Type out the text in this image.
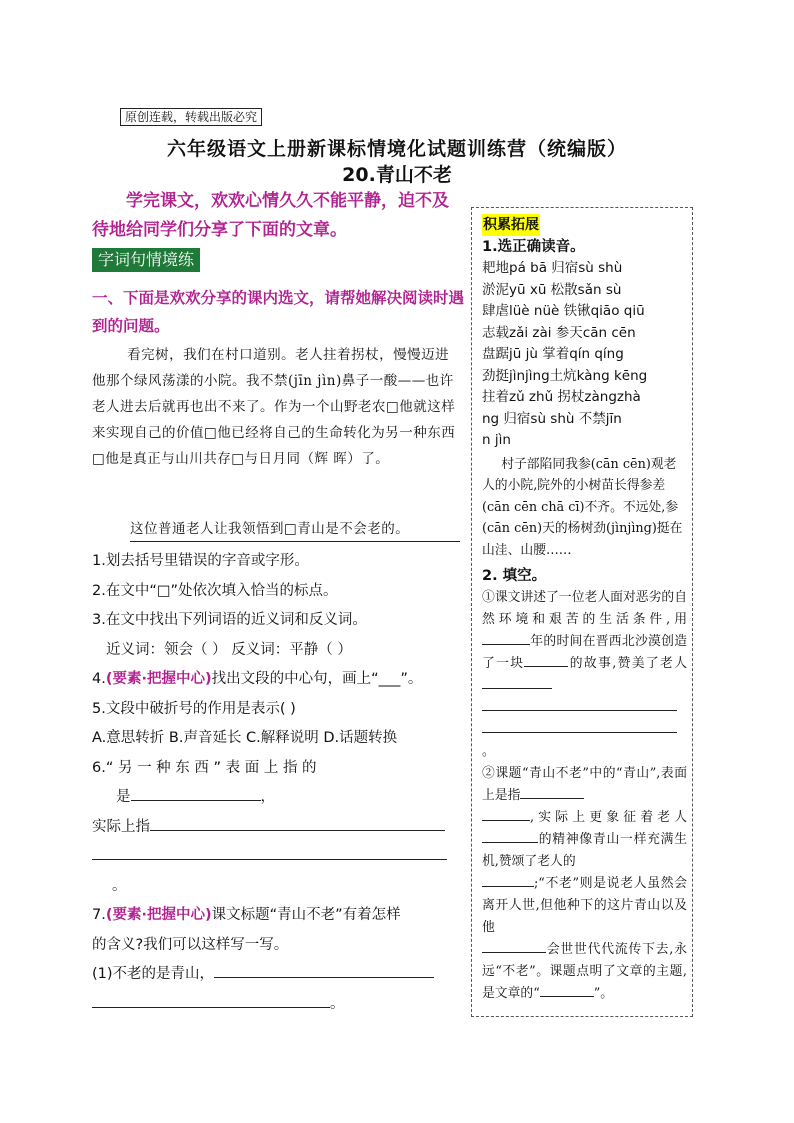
原创连载，转载出版必究
六年级语文上册新课标情境化试题训练营（统编版）
20.青山不老
学完课文，欢欢心情久久不能平静，迫不及待地给同学们分享了下面的文章。
字词句情境练
一、下面是欢欢分享的课内选文，请帮她解决阅读时遇到的问题。
看完树，我们在村口道别。老人拄着拐杖，慢慢迈进他那个绿风荡漾的小院。我不禁(jīn jìn)鼻子一酸——也许老人进去后就再也出不来了。作为一个山野老农□他就这样来实现自己的价值□他已经将自己的生命转化为另一种东西□他是真正与山川共存□与日月同（辉 晖）了。
这位普通老人让我领悟到□青山是不会老的。
1.划去括号里错误的字音或字形。
2.在文中“□”处依次填入恰当的标点。
3.在文中找出下列词语的近义词和反义词。
近义词：领会（ ） 反义词：平静（ ）
4.(要素·把握中心)找出文段的中心句，画上“___”。
5.文段中破折号的作用是表示( )
A.意思转折 B.声音延长 C.解释说明 D.话题转换
6.“ 另 一 种 东 西 ” 表 面 上 指 的
是	，
实际上指
。
7.(要素·把握中心)课文标题“青山不老”有着怎样
的含义?我们可以这样写一写。
(1)不老的是青山，
。
积累拓展
1.选正确读音。
耙地pá bā 归宿sù shù
淤泥yū xū 松散sǎn sù
肆虐lüè nüè 铁锹qiāo qiū
志载zǎi zài 参天cān cēn
盘踞jū jù 掌着qín qíng
劲挺jìnjìng土炕kàng kēng
拄着zǔ zhǔ 拐杖zàngzhà
ng 归宿sù shù 不禁jīn
n jìn
村子部陷同我参(cān cēn)观老人的小院,院外的小树苗长得参差(cān cēn chā cī)不齐。不远处,参(cān cēn)天的杨树劲(jìnjìng)挺在山洼、山腰……
2. 填空。
①课文讲述了一位老人面对恶劣的自然环境和艰苦的生活条件,用年的时间在晋西北沙漠创造了一块	的故事,赞美了老人

。
②课题“青山不老”中的“青山”,表面上是指
,实际上更象征着老人的精神像青山一样充满生机,赞颂了老人的
;“不老”则是说老人虽然会离开人世,但他种下的这片青山以及他
会世世代代流传下去,永远“不老”。课题点明了文章的主题,是文章的“	”。
